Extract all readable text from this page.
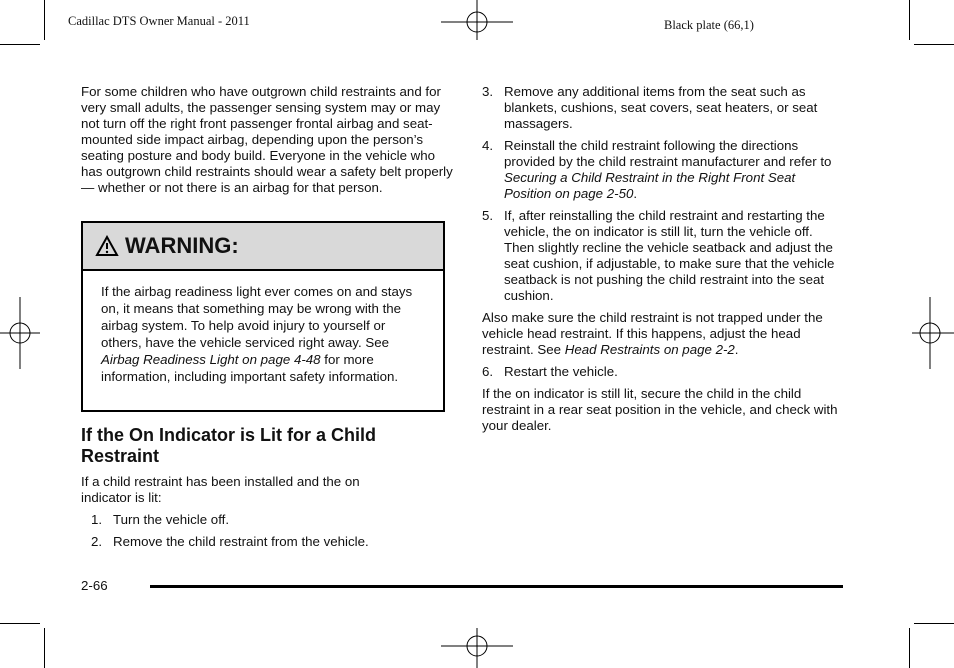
Cadillac DTS Owner Manual - 2011	Black plate (66,1)

For some children who have outgrown child restraints and for very small adults, the passenger sensing system may or may not turn off the right front passenger frontal airbag and seat-mounted side impact airbag, depending upon the person’s seating posture and body build. Everyone in the vehicle who has outgrown child restraints should wear a safety belt properly — whether or not there is an airbag for that person.

WARNING:
If the airbag readiness light ever comes on and stays on, it means that something may be wrong with the airbag system. To help avoid injury to yourself or others, have the vehicle serviced right away. See Airbag Readiness Light on page 4-48 for more information, including important safety information.
If the On Indicator is Lit for a Child Restraint

If a child restraint has been installed and the on indicator is lit:

1. Turn the vehicle off.
2. Remove the child restraint from the vehicle.
3. Remove any additional items from the seat such as blankets, cushions, seat covers, seat heaters, or seat massagers.
4. Reinstall the child restraint following the directions provided by the child restraint manufacturer and refer to Securing a Child Restraint in the Right Front Seat Position on page 2-50.
5. If, after reinstalling the child restraint and restarting the vehicle, the on indicator is still lit, turn the vehicle off. Then slightly recline the vehicle seatback and adjust the seat cushion, if adjustable, to make sure that the vehicle seatback is not pushing the child restraint into the seat cushion.

Also make sure the child restraint is not trapped under the vehicle head restraint. If this happens, adjust the head restraint. See Head Restraints on page 2-2.

6. Restart the vehicle.

If the on indicator is still lit, secure the child in the child restraint in a rear seat position in the vehicle, and check with your dealer.

2-66
